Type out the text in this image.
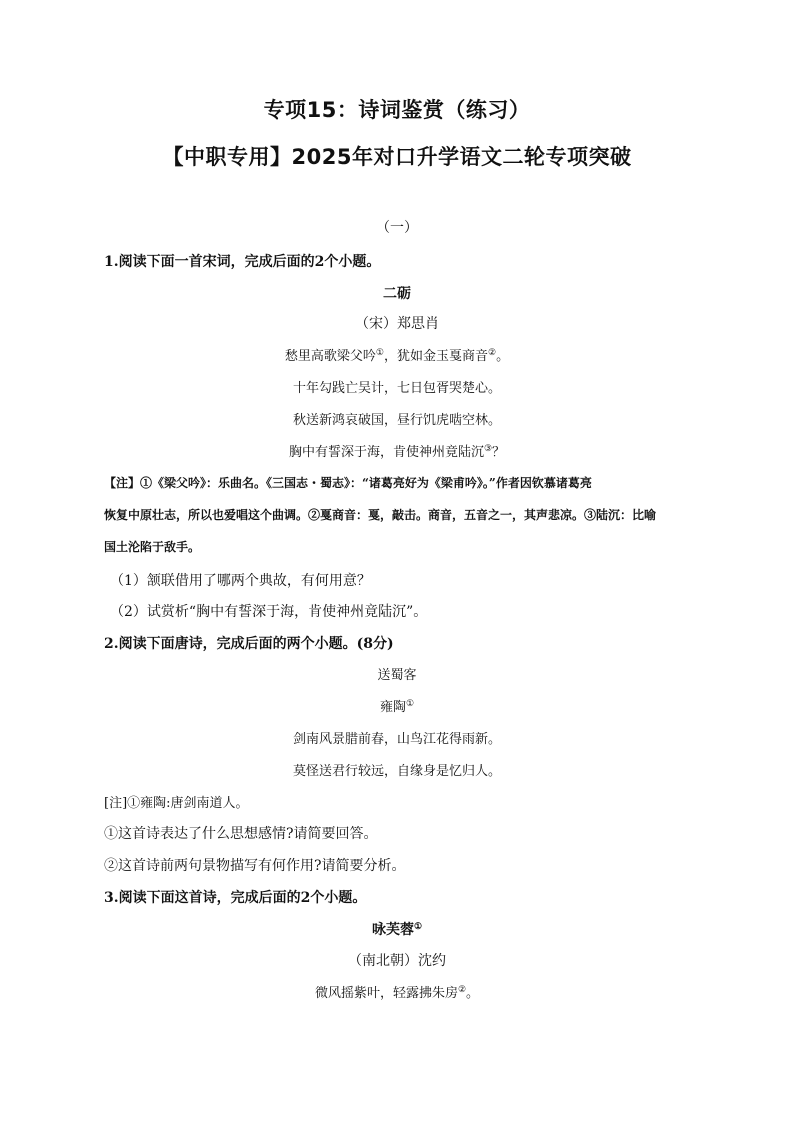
专项15：诗词鉴赏（练习）
【中职专用】2025年对口升学语文二轮专项突破
（一）
1.阅读下面一首宋词，完成后面的2个小题。
二砺
（宋）郑思肖
愁里高歌梁父吟①，犹如金玉戛商音②。
十年勾践亡吴计，七日包胥哭楚心。
秋送新鸿哀破国，昼行饥虎啮空林。
胸中有誓深于海，肯使神州竟陆沉③？
【注】①《梁父吟》：乐曲名。《三国志・蜀志》：“诸葛亮好为《梁甫吟》。”作者因钦慕诸葛亮
恢复中原壮志，所以也爱唱这个曲调。②戛商音：戛，敲击。商音，五音之一，其声悲凉。③陆沉：比喻
国土沦陷于敌手。
（1）颔联借用了哪两个典故，有何用意？
（2）试赏析“胸中有誓深于海，肯使神州竟陆沉”。
2.阅读下面唐诗，完成后面的两个小题。(8分)
送蜀客
雍陶①
剑南风景腊前春，山鸟江花得雨新。
莫怪送君行较远，自缘身是忆归人。
[注]①雍陶:唐剑南道人。
①这首诗表达了什么思想感情?请简要回答。
②这首诗前两句景物描写有何作用?请简要分析。
3.阅读下面这首诗，完成后面的2个小题。
咏芙蓉①
（南北朝）沈约
微风摇紫叶，轻露拂朱房②。
